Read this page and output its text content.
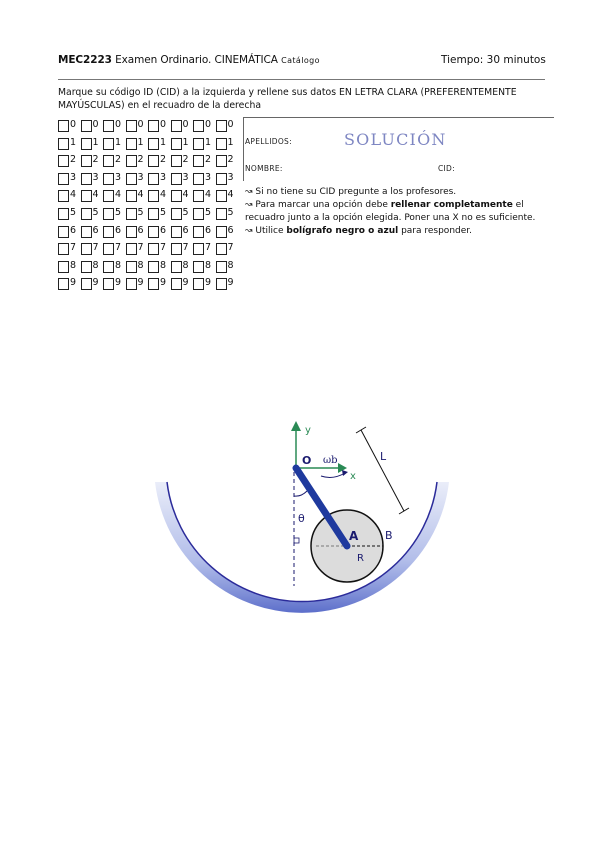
MEC2223 Examen Ordinario. CINEMÁTICA Catálogo	Tiempo: 30 minutos
Marque su código ID (CID) a la izquierda y rellene sus datos EN LETRA CLARA (PREFERENTEMENTE
MAYÚSCULAS) en el recuadro de la derecha
0 0 0 0 0 0 0 0
1 1 1 1 1 1 1 1
2 2 2 2 2 2 2 2
3 3 3 3 3 3 3 3
4 4 4 4 4 4 4 4
5 5 5 5 5 5 5 5
6 6 6 6 6 6 6 6
7 7 7 7 7 7 7 7
8 8 8 8 8 8 8 8
9 9 9 9 9 9 9 9
APELLIDOS:	SOLUCIÓN
NOMBRE:	CID:
↝ Si no tiene su CID pregunte a los profesores.
↝ Para marcar una opción debe rellenar completamente el
recuadro junto a la opción elegida. Poner una X no es suficiente.
↝ Utilice bolígrafo negro o azul para responder.
y
x
θ
R
B
A
O ωb	L
